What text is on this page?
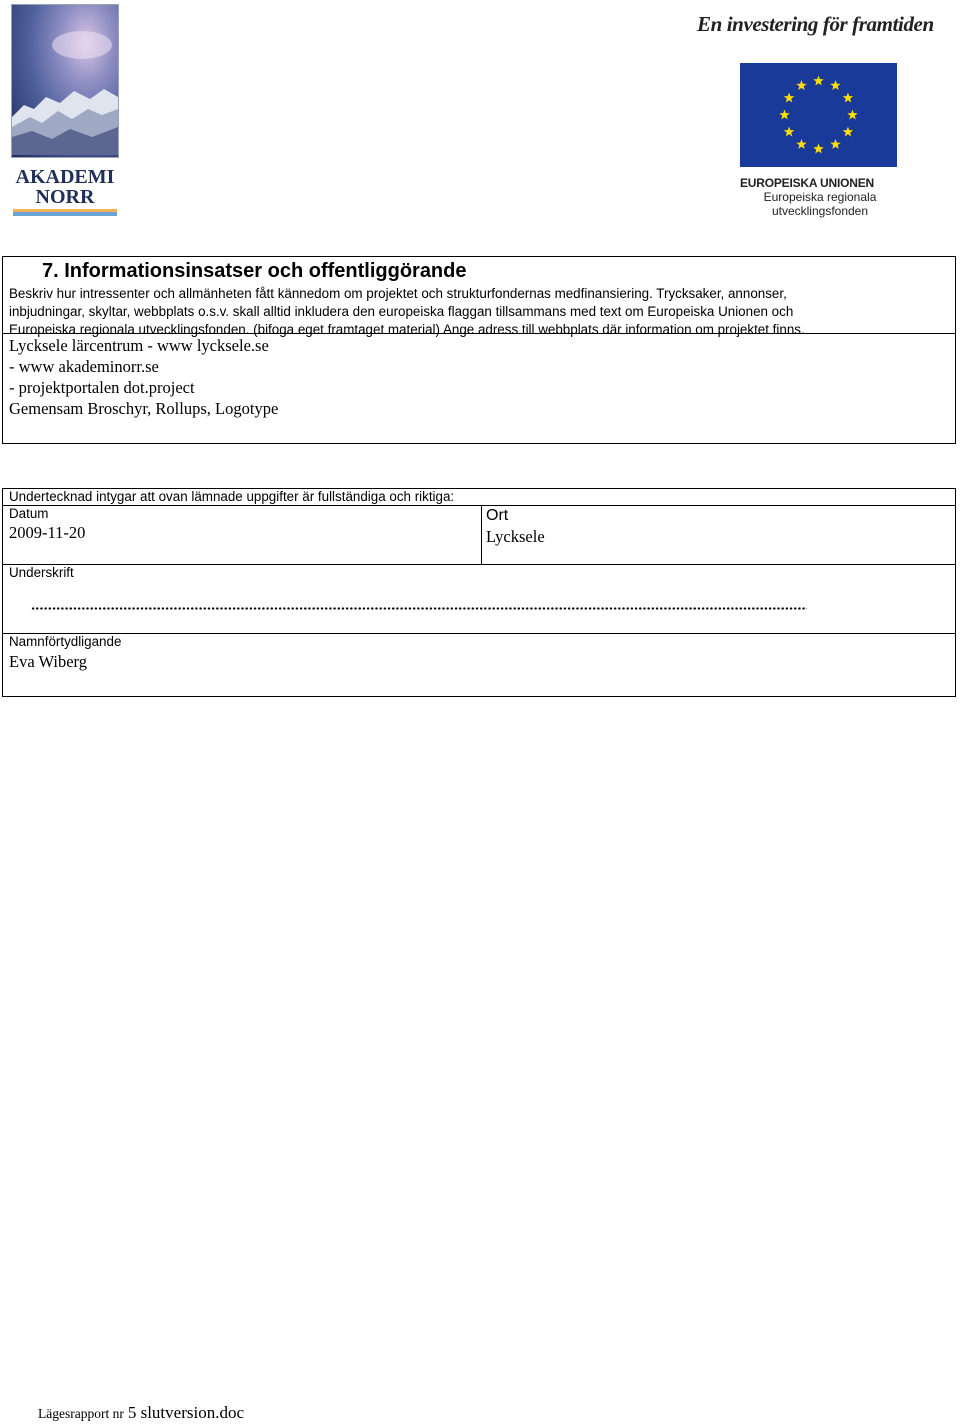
AKADEMI
NORR
En investering för framtiden
EUROPEISKA UNIONEN
Europeiska regionala
utvecklingsfonden
7. Informationsinsatser och offentliggörande
Beskriv hur intressenter och allmänheten fått kännedom om projektet och strukturfondernas medfinansiering. Trycksaker, annonser,
inbjudningar, skyltar, webbplats o.s.v. skall alltid inkludera den europeiska flaggan tillsammans med text om Europeiska Unionen och
Europeiska regionala utvecklingsfonden. (bifoga eget framtaget material) Ange adress till webbplats där information om projektet finns.
Lycksele lärcentrum - www lycksele.se
- www akademinorr.se
- projektportalen dot.project
Gemensam Broschyr, Rollups, Logotype
Undertecknad intygar att ovan lämnade uppgifter är fullständiga och riktiga:
Datum
2009-11-20
Ort
Lycksele
Underskrift
Namnförtydligande
Eva Wiberg
Lägesrapport nr 5 slutversion.doc
